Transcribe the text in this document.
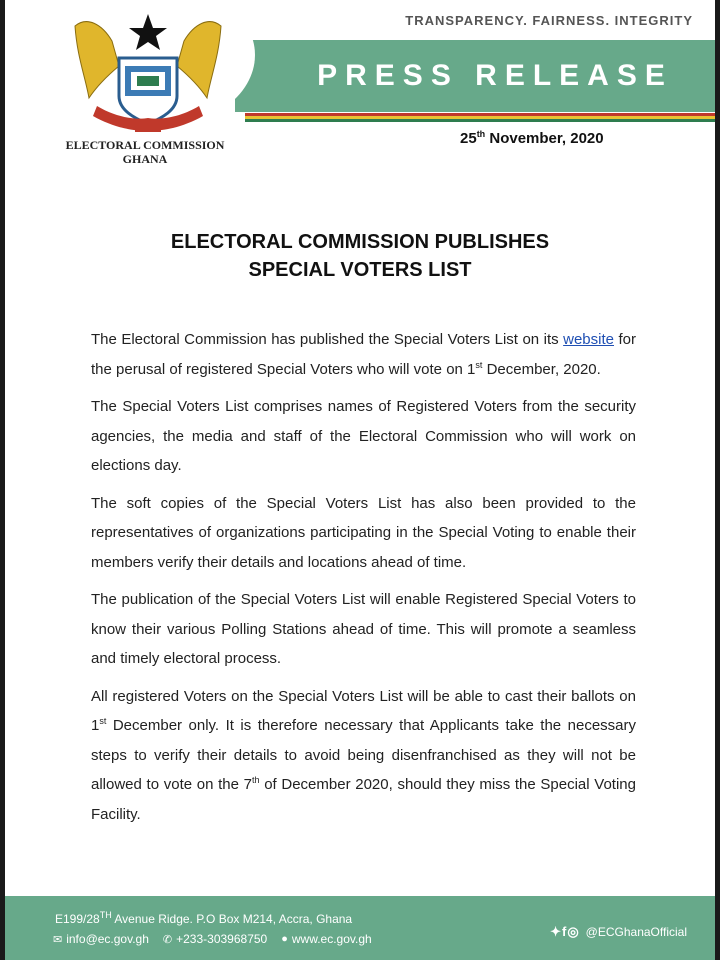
PRESS RELEASE
TRANSPARENCY. FAIRNESS. INTEGRITY
ELECTORAL COMMISSION
GHANA
25th November, 2020
ELECTORAL COMMISSION PUBLISHES
SPECIAL VOTERS LIST

The Electoral Commission has published the Special Voters List on its website for the perusal of registered Special Voters who will vote on 1st December, 2020.

The Special Voters List comprises names of Registered Voters from the security agencies, the media and staff of the Electoral Commission who will work on elections day.

The soft copies of the Special Voters List has also been provided to the representatives of organizations participating in the Special Voting to enable their members verify their details and locations ahead of time.

The publication of the Special Voters List will enable Registered Special Voters to know their various Polling Stations ahead of time. This will promote a seamless and timely electoral process.

All registered Voters on the Special Voters List will be able to cast their ballots on 1st December only. It is therefore necessary that Applicants take the necessary steps to verify their details to avoid being disenfranchised as they will not be allowed to vote on the 7th of December 2020, should they miss the Special Voting Facility.

E199/28TH Avenue Ridge. P.O Box M214, Accra, Ghana
✉ info@ec.gov.gh ✆ +233-303968750 ● www.ec.gov.gh	✦f◎ @ECGhanaOfficial
